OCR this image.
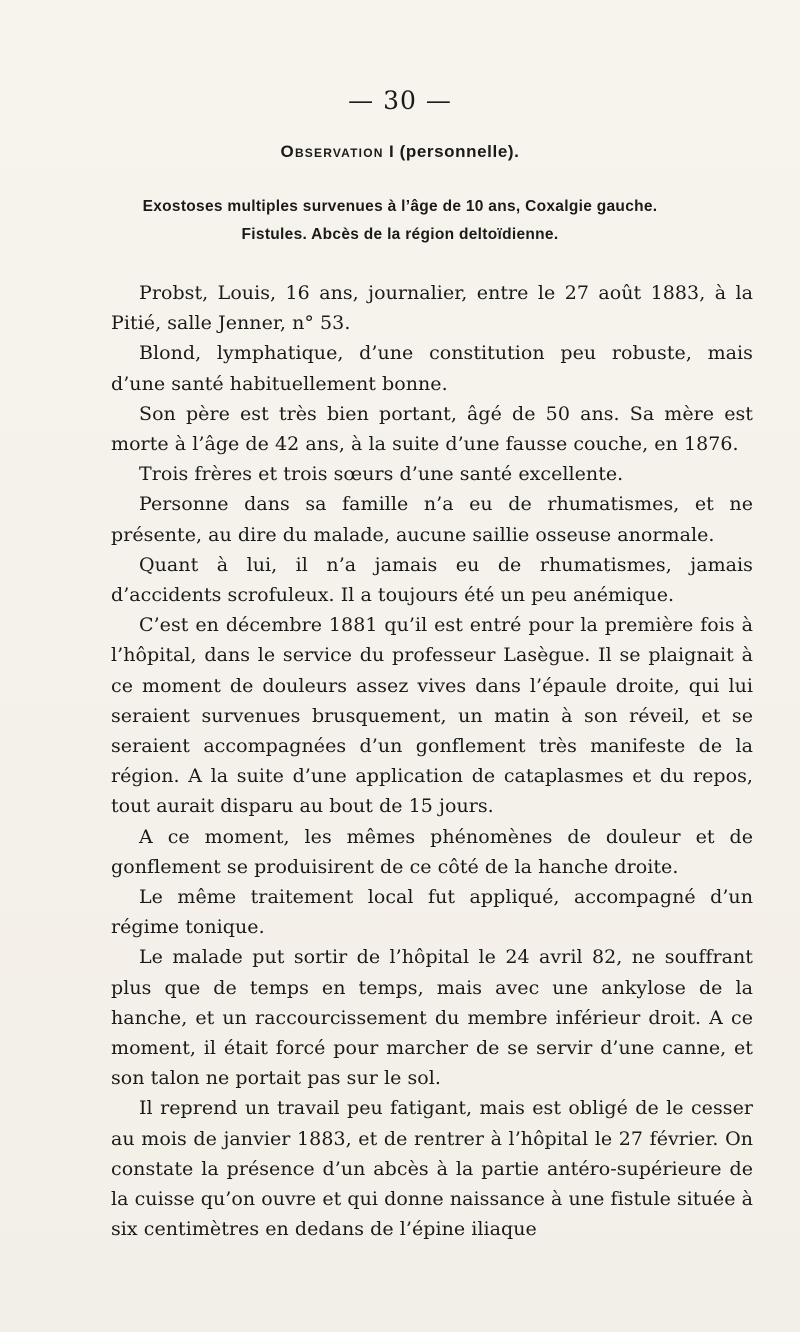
— 30 —
Observation I (personnelle).
Exostoses multiples survenues à l’âge de 10 ans, Coxalgie gauche.
Fistules. Abcès de la région deltoïdienne.

Probst, Louis, 16 ans, journalier, entre le 27 août 1883, à la Pitié, salle Jenner, n° 53.

Blond, lymphatique, d’une constitution peu robuste, mais d’une santé habituellement bonne.

Son père est très bien portant, âgé de 50 ans. Sa mère est morte à l’âge de 42 ans, à la suite d’une fausse couche, en 1876.

Trois frères et trois sœurs d’une santé excellente.

Personne dans sa famille n’a eu de rhumatismes, et ne présente, au dire du malade, aucune saillie osseuse anormale.

Quant à lui, il n’a jamais eu de rhumatismes, jamais d’accidents scrofuleux. Il a toujours été un peu anémique.

C’est en décembre 1881 qu’il est entré pour la première fois à l’hôpital, dans le service du professeur Lasègue. Il se plaignait à ce moment de douleurs assez vives dans l’épaule droite, qui lui seraient survenues brusquement, un matin à son réveil, et se seraient accompagnées d’un gonflement très manifeste de la région. A la suite d’une application de cataplasmes et du repos, tout aurait disparu au bout de 15 jours.

A ce moment, les mêmes phénomènes de douleur et de gonflement se produisirent de ce côté de la hanche droite.

Le même traitement local fut appliqué, accompagné d’un régime tonique.

Le malade put sortir de l’hôpital le 24 avril 82, ne souffrant plus que de temps en temps, mais avec une ankylose de la hanche, et un raccourcissement du membre inférieur droit. A ce moment, il était forcé pour marcher de se servir d’une canne, et son talon ne portait pas sur le sol.

Il reprend un travail peu fatigant, mais est obligé de le cesser au mois de janvier 1883, et de rentrer à l’hôpital le 27 février. On constate la présence d’un abcès à la partie antéro-supérieure de la cuisse qu’on ouvre et qui donne naissance à une fistule située à six centimètres en dedans de l’épine iliaque
